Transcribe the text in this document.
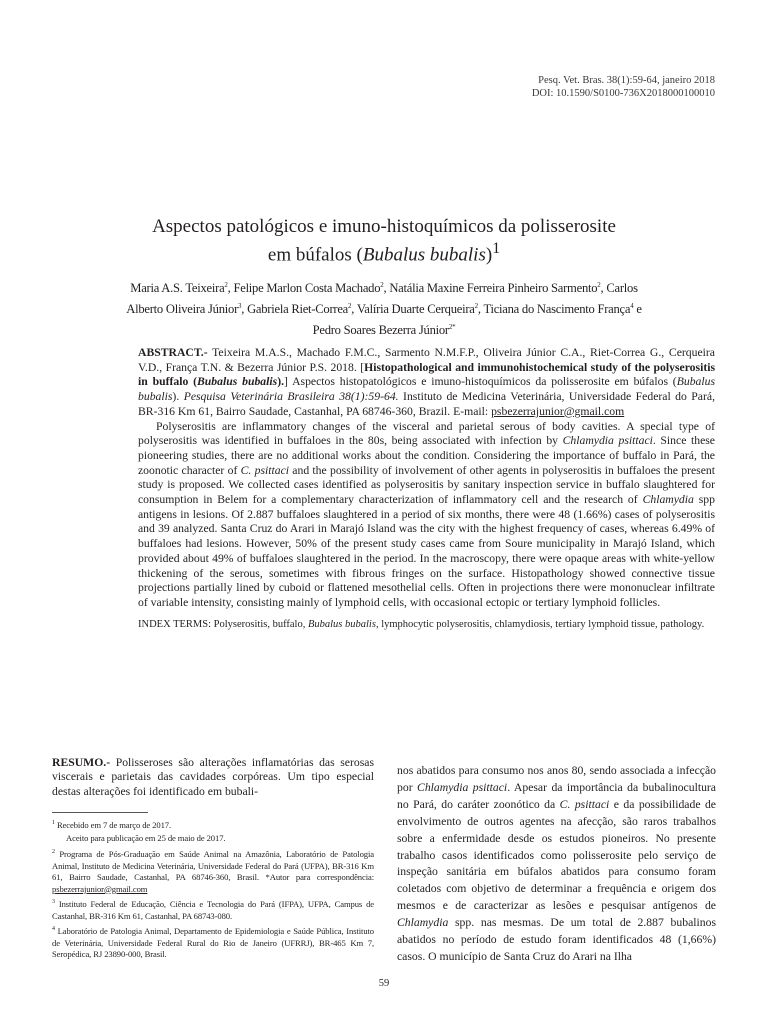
Pesq. Vet. Bras. 38(1):59-64, janeiro 2018
DOI: 10.1590/S0100-736X2018000100010
Aspectos patológicos e imuno-histoquímicos da polisserosite
em búfalos (Bubalus bubalis)$^1$
Maria A.S. Teixeira$^2$, Felipe Marlon Costa Machado$^2$, Natália Maxine Ferreira Pinheiro Sarmento$^2$, Carlos Alberto Oliveira Júnior$^3$, Gabriela Riet-Correa$^2$, Valíria Duarte Cerqueira$^2$, Ticiana do Nascimento França$^4$ e Pedro Soares Bezerra Júnior$^{2*}$

ABSTRACT.- Teixeira M.A.S., Machado F.M.C., Sarmento N.M.F.P., Oliveira Júnior C.A., Riet-Correa G., Cerqueira V.D., França T.N. & Bezerra Júnior P.S. 2018. [Histopathological and immunohistochemical study of the polyserositis in buffalo (Bubalus bubalis).] Aspectos histopatológicos e imuno-histoquímicos da polisserosite em búfalos (Bubalus bubalis). Pesquisa Veterinária Brasileira 38(1):59-64. Instituto de Medicina Veterinária, Universidade Federal do Pará, BR-316 Km 61, Bairro Saudade, Castanhal, PA 68746-360, Brazil. E-mail: psbezerrajunior@gmail.com

Polyserositis are inflammatory changes of the visceral and parietal serous of body cavities. A special type of polyserositis was identified in buffaloes in the 80s, being associated with infection by Chlamydia psittaci. Since these pioneering studies, there are no additional works about the condition. Considering the importance of buffalo in Pará, the zoonotic character of C. psittaci and the possibility of involvement of other agents in polyserositis in buffaloes the present study is proposed. We collected cases identified as polyserositis by sanitary inspection service in buffalo slaughtered for consumption in Belem for a complementary characterization of inflammatory cell and the research of Chlamydia spp antigens in lesions. Of 2.887 buffaloes slaughtered in a period of six months, there were 48 (1.66%) cases of polyserositis and 39 analyzed. Santa Cruz do Arari in Marajó Island was the city with the highest frequency of cases, whereas 6.49% of buffaloes had lesions. However, 50% of the present study cases came from Soure municipality in Marajó Island, which provided about 49% of buffaloes slaughtered in the period. In the macroscopy, there were opaque areas with white-yellow thickening of the serous, sometimes with fibrous fringes on the surface. Histopathology showed connective tissue projections partially lined by cuboid or flattened mesothelial cells. Often in projections there were mononuclear infiltrate of variable intensity, consisting mainly of lymphoid cells, with occasional ectopic or tertiary lymphoid follicles.

INDEX TERMS: Polyserositis, buffalo, Bubalus bubalis, lymphocytic polyserositis, chlamydiosis, tertiary lymphoid tissue, pathology.

RESUMO.- Polisseroses são alterações inflamatórias das serosas viscerais e parietais das cavidades corpóreas. Um tipo especial destas alterações foi identificado em bubali-

$^1$ Recebido em 7 de março de 2017.

Aceito para publicação em 25 de maio de 2017.

$^2$ Programa de Pós-Graduação em Saúde Animal na Amazônia, Laboratório de Patologia Animal, Instituto de Medicina Veterinária, Universidade Federal do Pará (UFPA), BR-316 Km 61, Bairro Saudade, Castanhal, PA 68746-360, Brasil. *Autor para correspondência: psbezerrajunior@gmail.com

$^3$ Instituto Federal de Educação, Ciência e Tecnologia do Pará (IFPA), UFPA, Campus de Castanhal, BR-316 Km 61, Castanhal, PA 68743-080.

$^4$ Laboratório de Patologia Animal, Departamento de Epidemiologia e Saúde Pública, Instituto de Veterinária, Universidade Federal Rural do Rio de Janeiro (UFRRJ), BR-465 Km 7, Seropédica, RJ 23890-000, Brasil.

nos abatidos para consumo nos anos 80, sendo associada a infecção por Chlamydia psittaci. Apesar da importância da bubalinocultura no Pará, do caráter zoonótico da C. psittaci e da possibilidade de envolvimento de outros agentes na afecção, são raros trabalhos sobre a enfermidade desde os estudos pioneiros. No presente trabalho casos identificados como polisserosite pelo serviço de inspeção sanitária em búfalos abatidos para consumo foram coletados com objetivo de determinar a frequência e origem dos mesmos e de caracterizar as lesões e pesquisar antígenos de Chlamydia spp. nas mesmas. De um total de 2.887 bubalinos abatidos no período de estudo foram identificados 48 (1,66%) casos. O município de Santa Cruz do Arari na Ilha

59
